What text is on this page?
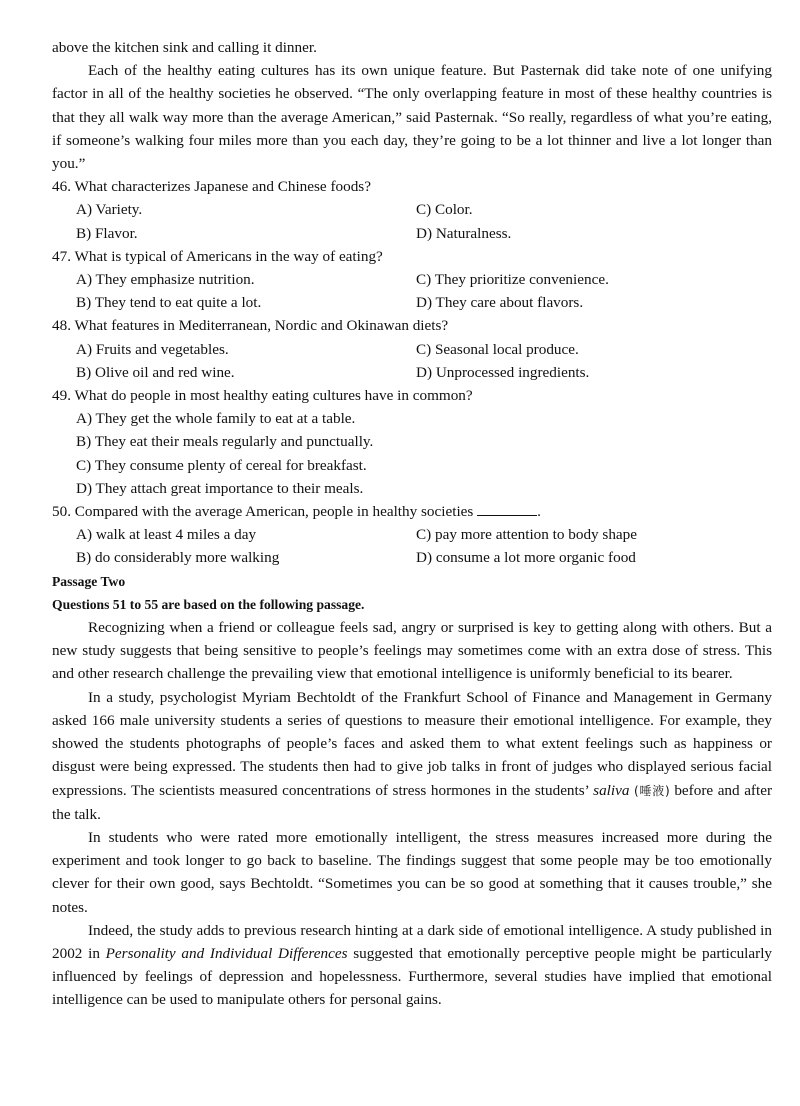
above the kitchen sink and calling it dinner.

Each of the healthy eating cultures has its own unique feature. But Pasternak did take note of one unifying factor in all of the healthy societies he observed. “The only overlapping feature in most of these healthy countries is that they all walk way more than the average American,” said Pasternak. “So really, regardless of what you’re eating, if someone’s walking four miles more than you each day, they’re going to be a lot thinner and live a lot longer than you.”

46. What characterizes Japanese and Chinese foods?

A) Variety.	C) Color.
B) Flavor.	D) Naturalness.

47. What is typical of Americans in the way of eating?

A) They emphasize nutrition.	C) They prioritize convenience.
B) They tend to eat quite a lot.	D) They care about flavors.

48. What features in Mediterranean, Nordic and Okinawan diets?

A) Fruits and vegetables.	C) Seasonal local produce.
B) Olive oil and red wine.	D) Unprocessed ingredients.

49. What do people in most healthy eating cultures have in common?

A) They get the whole family to eat at a table.
B) They eat their meals regularly and punctually.
C) They consume plenty of cereal for breakfast.
D) They attach great importance to their meals.

50. Compared with the average American, people in healthy societies	.

A) walk at least 4 miles a day	C) pay more attention to body shape
B) do considerably more walking	D) consume a lot more organic food

Passage Two

Questions 51 to 55 are based on the following passage.

Recognizing when a friend or colleague feels sad, angry or surprised is key to getting along with others. But a new study suggests that being sensitive to people’s feelings may sometimes come with an extra dose of stress. This and other research challenge the prevailing view that emotional intelligence is uniformly beneficial to its bearer.

In a study, psychologist Myriam Bechtoldt of the Frankfurt School of Finance and Management in Germany asked 166 male university students a series of questions to measure their emotional intelligence. For example, they showed the students photographs of people’s faces and asked them to what extent feelings such as happiness or disgust were being expressed. The students then had to give job talks in front of judges who displayed serious facial expressions. The scientists measured concentrations of stress hormones in the students’ saliva (唾液) before and after the talk.

In students who were rated more emotionally intelligent, the stress measures increased more during the experiment and took longer to go back to baseline. The findings suggest that some people may be too emotionally clever for their own good, says Bechtoldt. “Sometimes you can be so good at something that it causes trouble,” she notes.

Indeed, the study adds to previous research hinting at a dark side of emotional intelligence. A study published in 2002 in Personality and Individual Differences suggested that emotionally perceptive people might be particularly influenced by feelings of depression and hopelessness. Furthermore, several studies have implied that emotional intelligence can be used to manipulate others for personal gains.
